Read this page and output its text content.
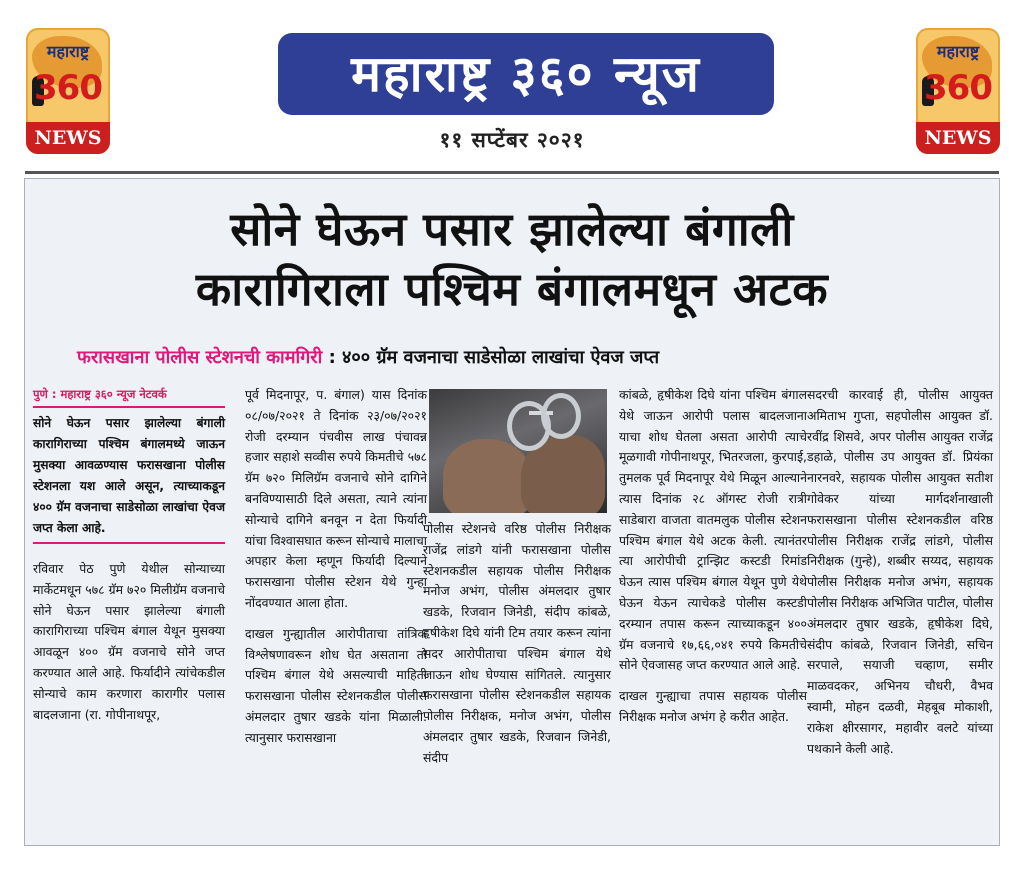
महाराष्ट्र
360
NEWS
महाराष्ट्र ३६० न्यूज
११ सप्टेंबर २०२१
महाराष्ट्र
360
NEWS
सोने घेऊन पसार झालेल्या बंगाली
कारागिराला पश्चिम बंगालमधून अटक
फरासखाना पोलीस स्टेशनची कामगिरी : ४०० ग्रॅम वजनाचा साडेसोळा लाखांचा ऐवज जप्त
पुणे : महाराष्ट्र ३६० न्यूज नेटवर्क

सोने घेऊन पसार झालेल्या बंगाली कारागिराच्या पश्चिम बंगालमध्ये जाऊन मुसक्या आवळण्यास फरासखाना पोलीस स्टेशनला यश आले असून, त्याच्याकडून ४०० ग्रॅम वजनाचा साडेसोळा लाखांचा ऐवज जप्त केला आहे.

रविवार पेठ पुणे येथील सोन्याच्या मार्केटमधून ५७८ ग्रॅम ७२० मिलीग्रॅम वजनाचे सोने घेऊन पसार झालेल्या बंगाली कारागिराच्या पश्चिम बंगाल येथून मुसक्या आवळून ४०० ग्रॅम वजनाचे सोने जप्त करण्यात आले आहे. फिर्यादीने त्यांचेकडील सोन्याचे काम करणारा कारागीर पलास बादलजाना (रा. गोपीनाथपूर,

पूर्व मिदनापूर, प. बंगाल) यास दिनांक ०८/०७/२०२१ ते दिनांक २३/०७/२०२१ रोजी दरम्यान पंचवीस लाख पंचावन्न हजार सहाशे सव्वीस रुपये किमतीचे ५७८ ग्रॅम ७२० मिलिग्रॅम वजनाचे सोने दागिने बनविण्यासाठी दिले असता, त्याने त्यांना सोन्याचे दागिने बनवून न देता फिर्यादी यांचा विश्वासघात करून सोन्याचे मालाचा अपहार केला म्हणून फिर्यादी दिल्याने फरासखाना पोलीस स्टेशन येथे गुन्हा नोंदवण्यात आला होता.

दाखल गुन्ह्यातील आरोपीताचा तांत्रिक विश्लेषणावरून शोध घेत असताना तो पश्चिम बंगाल येथे असल्याची माहिती फरासखाना पोलीस स्टेशनकडील पोलीस अंमलदार तुषार खडके यांना मिळाली. त्यानुसार फरासखाना

पोलीस स्टेशनचे वरिष्ठ पोलीस निरीक्षक राजेंद्र लांडगे यांनी फरासखाना पोलीस स्टेशनकडील सहायक पोलीस निरीक्षक मनोज अभंग, पोलीस अंमलदार तुषार खडके, रिजवान जिनेडी, संदीप कांबळे, हृषीकेश दिघे यांनी टिम तयार करून त्यांना सदर आरोपीताचा पश्चिम बंगाल येथे जाऊन शोध घेण्यास सांगितले. त्यानुसार फरासखाना पोलीस स्टेशनकडील सहायक पोलीस निरीक्षक, मनोज अभंग, पोलीस अंमलदार तुषार खडके, रिजवान जिनेडी, संदीप

कांबळे, हृषीकेश दिघे यांना पश्चिम बंगाल येथे जाऊन आरोपी पलास बादलजाना याचा शोध घेतला असता आरोपी त्याचे मूळगावी गोपीनाथपूर, भितरजला, कुरपाई, तुमलक पूर्व मिदनापूर येथे मिळून आल्याने त्यास दिनांक २८ ऑगस्ट रोजी रात्री साडेबारा वाजता वातमलुक पोलीस स्टेशन पश्चिम बंगाल येथे अटक केली. त्यानंतर त्या आरोपीची ट्रान्झिट कस्टडी रिमांड घेऊन त्यास पश्चिम बंगाल येथून पुणे येथे घेऊन येऊन त्याचेकडे पोलीस कस्टडी दरम्यान तपास करून त्याच्याकडून ४०० ग्रॅम वजनाचे १७,६६,०४१ रुपये किमतीचे सोने ऐवजासह जप्त करण्यात आले आहे.

दाखल गुन्ह्याचा तपास सहायक पोलीस निरीक्षक मनोज अभंग हे करीत आहेत.

सदरची कारवाई ही, पोलीस आयुक्त अमिताभ गुप्ता, सहपोलीस आयुक्त डॉ. रवींद्र शिसवे, अपर पोलीस आयुक्त राजेंद्र डहाळे, पोलीस उप आयुक्त डॉ. प्रियंका नारनवरे, सहायक पोलीस आयुक्त सतीश गोवेकर यांच्या मार्गदर्शनाखाली फरासखाना पोलीस स्टेशनकडील वरिष्ठ पोलीस निरीक्षक राजेंद्र लांडगे, पोलीस निरीक्षक (गुन्हे), शब्बीर सय्यद, सहायक पोलीस निरीक्षक मनोज अभंग, सहायक पोलीस निरीक्षक अभिजित पाटील, पोलीस अंमलदार तुषार खडके, हृषीकेश दिघे, संदीप कांबळे, रिजवान जिनेडी, सचिन सरपाले, सयाजी चव्हाण, समीर माळवदकर, अभिनय चौधरी, वैभव स्वामी, मोहन दळवी, मेहबूब मोकाशी, राकेश क्षीरसागर, महावीर वलटे यांच्या पथकाने केली आहे.
